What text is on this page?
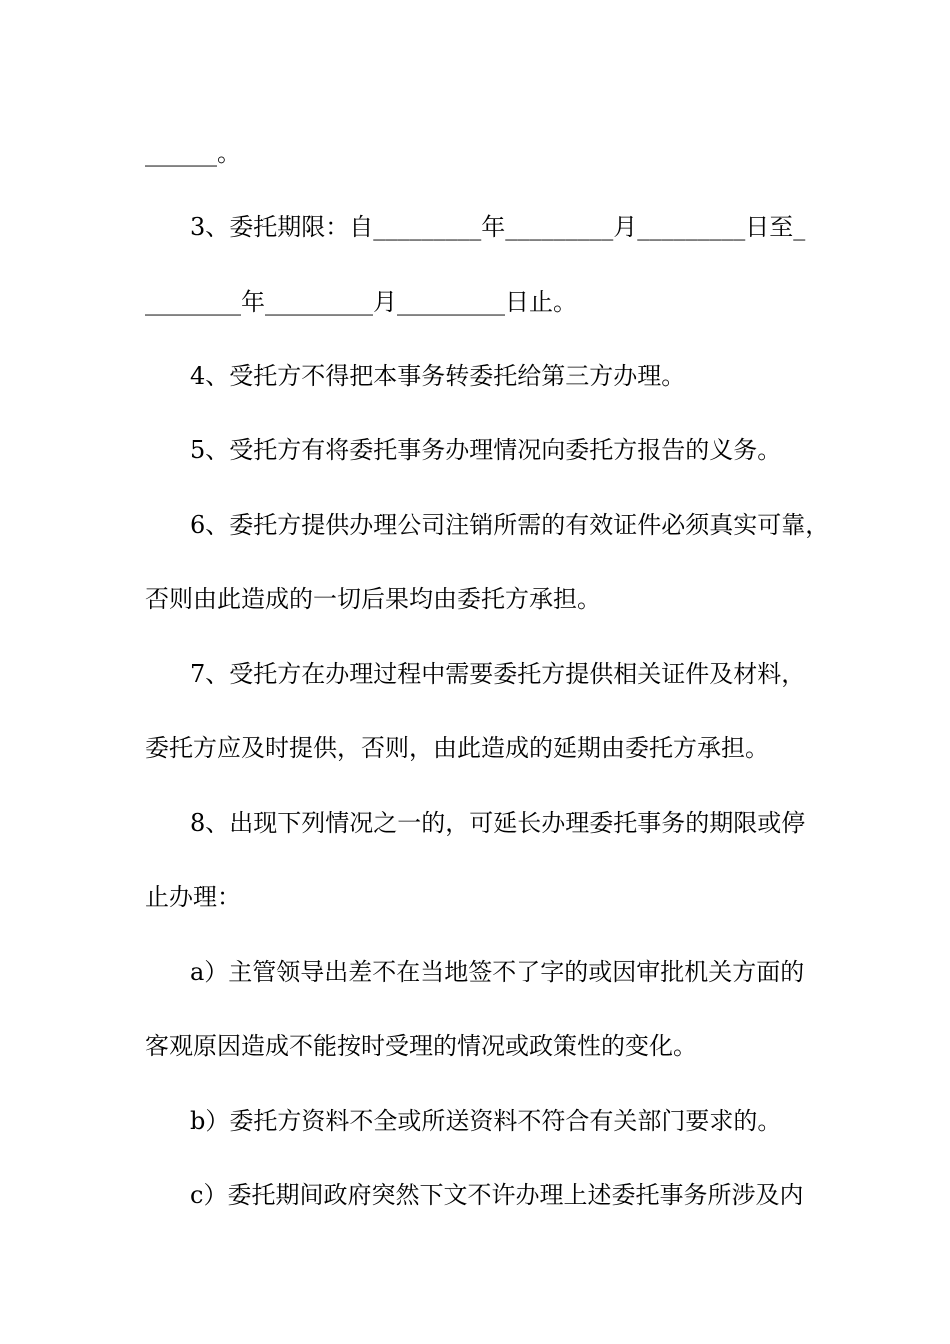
______。
3、委托期限：自_________年_________月_________日至_
________年_________月_________日止。
4、受托方不得把本事务转委托给第三方办理。
5、受托方有将委托事务办理情况向委托方报告的义务。
6、委托方提供办理公司注销所需的有效证件必须真实可靠，
否则由此造成的一切后果均由委托方承担。
7、受托方在办理过程中需要委托方提供相关证件及材料，
委托方应及时提供，否则，由此造成的延期由委托方承担。
8、出现下列情况之一的，可延长办理委托事务的期限或停
止办理：
a）主管领导出差不在当地签不了字的或因审批机关方面的
客观原因造成不能按时受理的情况或政策性的变化。
b）委托方资料不全或所送资料不符合有关部门要求的。
c）委托期间政府突然下文不许办理上述委托事务所涉及内
